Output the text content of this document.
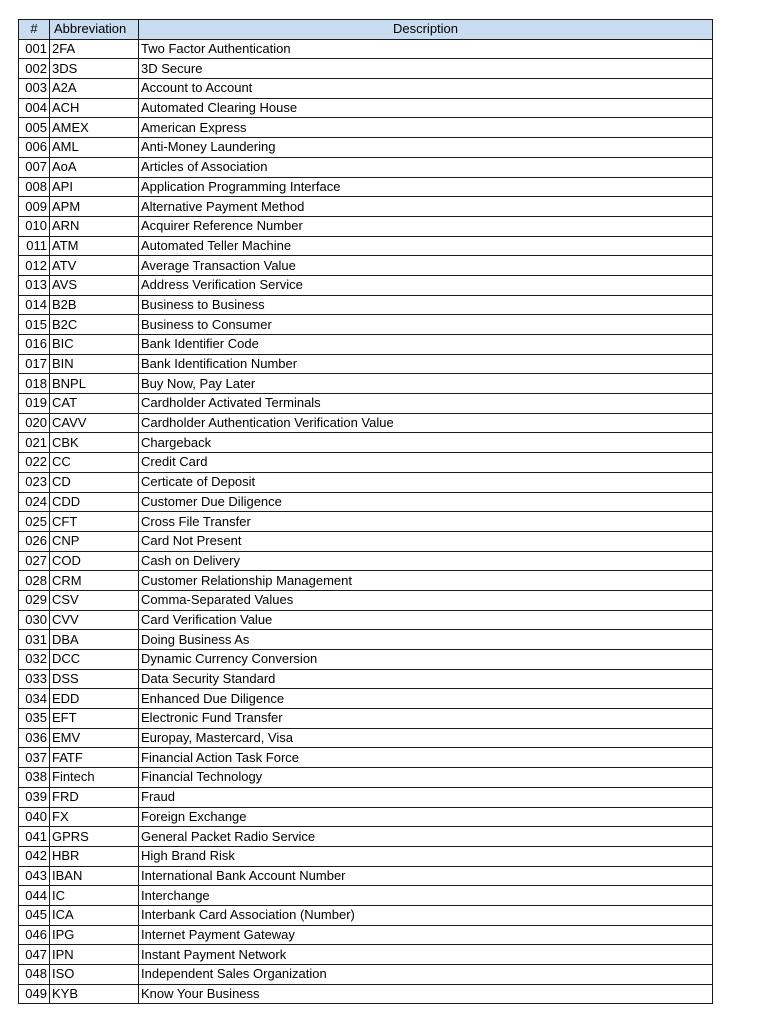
#	Abbreviation	Description
001	2FA	Two Factor Authentication
002	3DS	3D Secure
003	A2A	Account to Account
004	ACH	Automated Clearing House
005	AMEX	American Express
006	AML	Anti-Money Laundering
007	AoA	Articles of Association
008	API	Application Programming Interface
009	APM	Alternative Payment Method
010	ARN	Acquirer Reference Number
011	ATM	Automated Teller Machine
012	ATV	Average Transaction Value
013	AVS	Address Verification Service
014	B2B	Business to Business
015	B2C	Business to Consumer
016	BIC	Bank Identifier Code
017	BIN	Bank Identification Number
018	BNPL	Buy Now, Pay Later
019	CAT	Cardholder Activated Terminals
020	CAVV	Cardholder Authentication Verification Value
021	CBK	Chargeback
022	CC	Credit Card
023	CD	Certicate of Deposit
024	CDD	Customer Due Diligence
025	CFT	Cross File Transfer
026	CNP	Card Not Present
027	COD	Cash on Delivery
028	CRM	Customer Relationship Management
029	CSV	Comma-Separated Values
030	CVV	Card Verification Value
031	DBA	Doing Business As
032	DCC	Dynamic Currency Conversion
033	DSS	Data Security Standard
034	EDD	Enhanced Due Diligence
035	EFT	Electronic Fund Transfer
036	EMV	Europay, Mastercard, Visa
037	FATF	Financial Action Task Force
038	Fintech	Financial Technology
039	FRD	Fraud
040	FX	Foreign Exchange
041	GPRS	General Packet Radio Service
042	HBR	High Brand Risk
043	IBAN	International Bank Account Number
044	IC	Interchange
045	ICA	Interbank Card Association (Number)
046	IPG	Internet Payment Gateway
047	IPN	Instant Payment Network
048	ISO	Independent Sales Organization
049	KYB	Know Your Business
